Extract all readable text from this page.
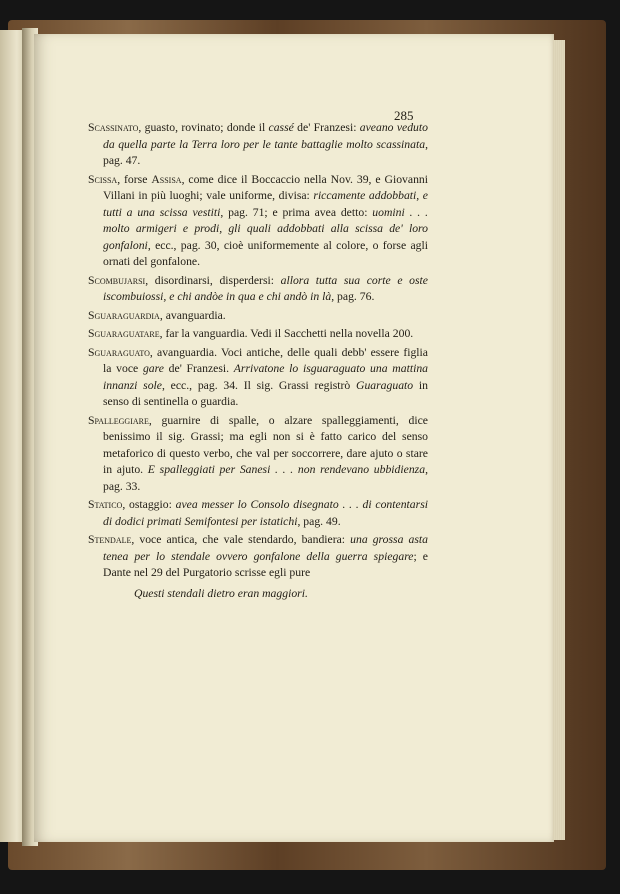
285

Scassinato, guasto, rovinato; donde il cassé de' Franzesi: aveano veduto da quella parte la Terra loro per le tante battaglie molto scassinata, pag. 47.

Scissa, forse Assisa, come dice il Boccaccio nella Nov. 39, e Giovanni Villani in più luoghi; vale uniforme, divisa: riccamente addobbati, e tutti a una scissa vestiti, pag. 71; e prima avea detto: uomini . . . molto armigeri e prodi, gli quali addobbati alla scissa de' loro gonfaloni, ecc., pag. 30, cioè uniformemente al colore, o forse agli ornati del gonfalone.

Scombujarsi, disordinarsi, disperdersi: allora tutta sua corte e oste iscombuiossi, e chi andòe in qua e chi andò in là, pag. 76.

Sguaraguardia, avanguardia.

Sguaraguatare, far la vanguardia. Vedi il Sacchetti nella novella 200.

Sguaraguato, avanguardia. Voci antiche, delle quali debb' essere figlia la voce gare de' Franzesi. Arrivatone lo isguaraguato una mattina innanzi sole, ecc., pag. 34. Il sig. Grassi registrò Guaraguato in senso di sentinella o guardia.

Spalleggiare, guarnire di spalle, o alzare spalleggiamenti, dice benissimo il sig. Grassi; ma egli non si è fatto carico del senso metaforico di questo verbo, che val per soccorrere, dare ajuto o stare in ajuto. E spalleggiati per Sanesi . . . non rendevano ubbidienza, pag. 33.

Statico, ostaggio: avea messer lo Consolo disegnato . . . di contentarsi di dodici primati Semifontesi per istatichi, pag. 49.

Stendale, voce antica, che vale stendardo, bandiera: una grossa asta tenea per lo stendale ovvero gonfalone della guerra spiegare; e Dante nel 29 del Purgatorio scrisse egli pure

Questi stendali dietro eran maggiori.
